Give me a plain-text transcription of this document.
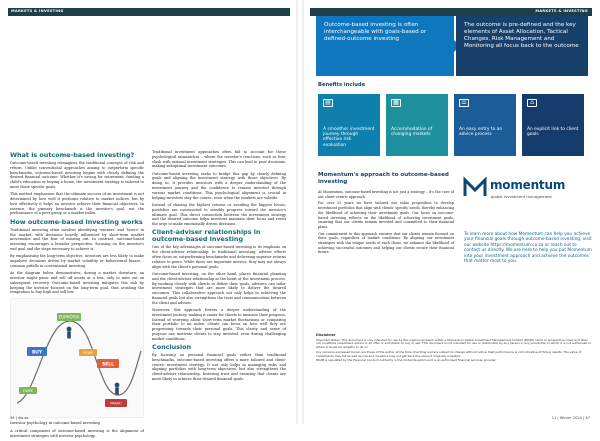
MARKETS & INVESTING
What is outcome-based investing?

Outcome-based investing reimagines the traditional concepts of risk and return. Unlike conventional approaches aiming to outperform specific benchmarks, outcome-based investing begins with clearly defining the desired financial outcome. Whether it's saving for retirement, funding a child's education or buying a home, the investment strategy is tailored to meet those specific goals.

This method emphasises that the ultimate success of an investment is not determined by how well it performs relative to market indices, but by how effectively it helps an investor achieve their financial objectives. In essence, the primary benchmark is the investor's goal, not the performance of a peer group or a market index.

How outcome-based investing works

Traditional investing often involves identifying 'winners' and 'losers' in the market, with decisions heavily influenced by short-term market movements and the fear of missing out. In contrast, outcome-based investing encourages a broader perspective, focusing on the investor's end goal and the steps necessary to achieve it.

By emphasising the long-term objective, investors are less likely to make impulsive decisions driven by market volatility or behavioural biases – common pitfalls in conventional investing.

As the diagram below demonstrates, during a market downturn, an investor might panic and sell off assets at a loss, only to miss out on subsequent recovery. Outcome-based investing mitigates this risk by keeping the investor focused on the long-term goal, thus avoiding the temptation to buy high and sell low.

EUPHORIA
BUY
SELL
PANIC
HOPE
FEAR
Investor psychology in outcome-based investing

A critical component of outcome-based investing is the alignment of investment strategies with investor psychology.

Traditional investment approaches often fail to account for these psychological mismatches – where the investor's reactions, such as fear, clash with rational investment strategies. This can lead to poor decisions, making suboptimal investment outcomes.

Outcome-based investing seeks to bridge this gap by clearly defining goals and aligning the investment strategy with those objectives. By doing so, it provides investors with a deeper understanding of the investment journey and the confidence to remain invested through various market conditions. This psychological alignment is crucial in helping investors stay the course, even when the markets are volatile.

Instead of chasing the highest returns or avoiding the biggest losses, portfolios are constructed to steadily progress toward the investor's ultimate goal. This direct connection between the investment strategy and the desired outcome helps investors maintain their focus and resist the urge to make emotionally driven decisions.

Client-adviser relationships in outcome-based investing

One of the key advantages of outcome-based investing is its emphasis on the client-adviser relationship. In traditional investing, adviser efforts often focus on outperforming benchmarks and delivering superior returns relative to peers. While these are important metrics, they may not always align with the client's personal goals.

Outcome-based investing, on the other hand, places financial planning and the client-adviser relationship at the heart of the investment process. By working closely with clients to define their goals, advisers can tailor investment strategies that are more likely to deliver the desired outcomes. This collaborative approach not only helps in achieving the financial goals but also strengthens the trust and communication between the client and adviser.

Moreover, this approach fosters a deeper understanding of the investment journey, making it easier for clients to measure their progress. Instead of worrying about short-term market fluctuations or comparing their portfolio to an index, clients can focus on how well they are progressing towards their personal goals. This clarity and sense of purpose can motivate clients to stay invested, even during challenging market conditions.

Conclusion

By focusing on personal financial goals rather than traditional benchmarks, outcome-based investing offers a more tailored and client-centric investment strategy. It not only helps in managing risks and aligning portfolios with long-term objectives, but also strengthens the client-adviser relationship, fostering trust and ensuring that clients are more likely to achieve their desired financial goals.

44 | dw sa
MARKETS & INVESTING
Outcome-based investing is often interchangeable with goals-based or defined-outcome investing
The outcome is pre-defined and the key elements of Asset Allocation, Tactical Changes, Risk Management and Monitoring all focus back to the outcome
Benefits include
▤
A smoother investment journey through effective risk evaluation
▦
Accommodation of changing markets
☰
An easy entry to an advice process
⌂
An explicit link to client goals
Momentum's approach to outcome-based investing

At Momentum, outcome-based investing is not just a strategy – it's the core of our client-centric approach.

For over 25 years we have tailored our value proposition to develop investment portfolios that align with clients' specific needs, thereby enhancing the likelihood of achieving their investment goals. Our focus on outcome-based investing reflects on the likelihood of achieving investment goals, ensuring that our clients remain invested and committed to their financial plans.

Our commitment to this approach ensures that our clients remain focused on their goals, regardless of market conditions. By aligning our investment strategies with the unique needs of each client, we enhance the likelihood of achieving successful outcomes and helping our clients secure their financial future.

momentum
global investment management
To learn more about how Momentum can help you achieve your financial goals through outcome-based investing, visit our website https://momentum.co.za or reach out to contact us directly. We are here to help you put Momentum into your investment approach and achieve the outcomes that matter most to you.
Disclaimer

Important Notes: This document is only intended for use by the original recipient, either a Momentum Global Investment Management Limited (MGIM) client or prospective client and does not constitute investment advice or an offer or solicitation to buy or sell. This document is not intended for use or distribution by any person in any jurisdiction in which it is not authorised or where it would be unlawful to do so.

Any opinions expressed herein are those of the author at the time of writing and are subject to change without notice. Past performance is not indicative of future results. The value of investments may fall as well as rise and investors may not get back the amount originally invested.

MGIM is regulated by the Financial Conduct Authority in the United Kingdom and is an authorised financial services provider.

11 | Winter 2024 | 47
